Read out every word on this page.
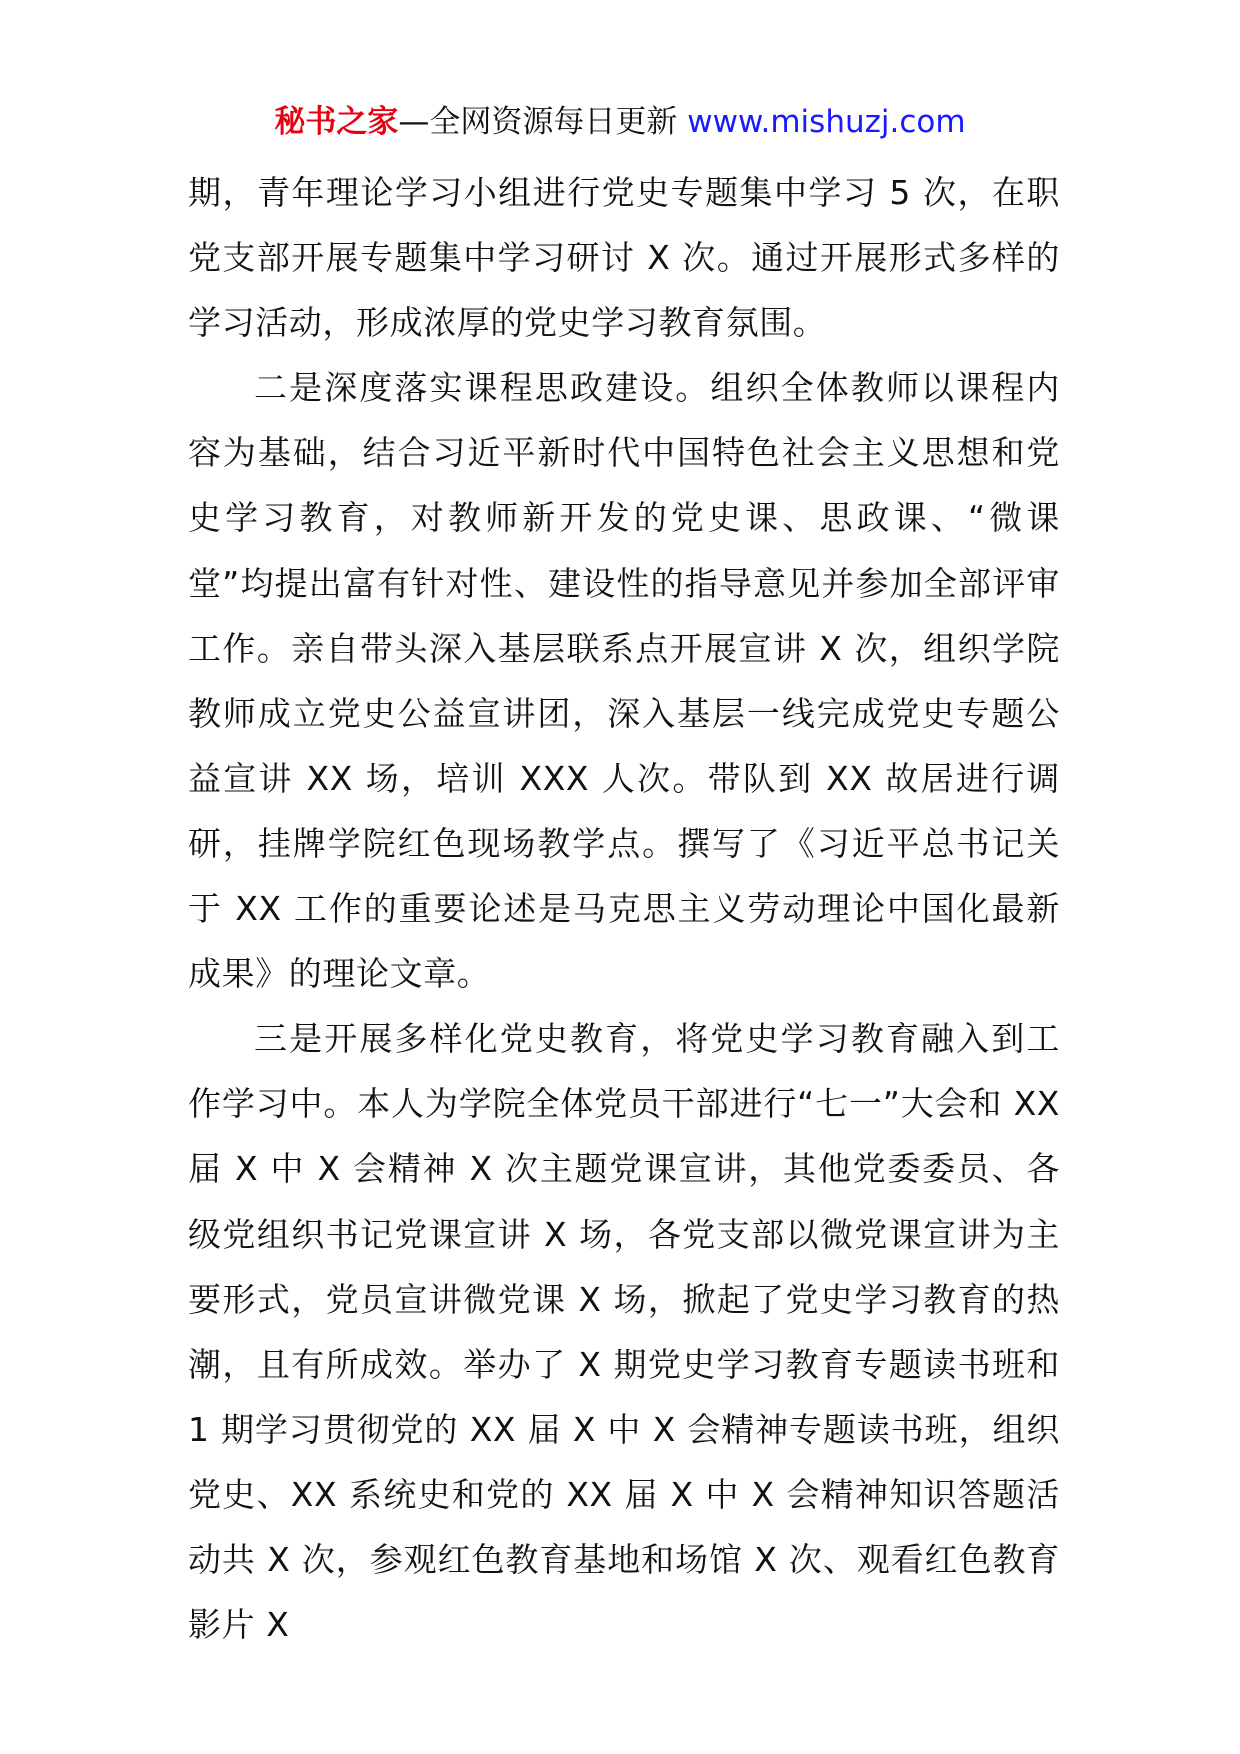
秘书之家—全网资源每日更新 www.mishuzj.com

期，青年理论学习小组进行党史专题集中学习 5 次，在职党支部开展专题集中学习研讨 X 次。通过开展形式多样的学习活动，形成浓厚的党史学习教育氛围。

二是深度落实课程思政建设。组织全体教师以课程内容为基础，结合习近平新时代中国特色社会主义思想和党史学习教育，对教师新开发的党史课、思政课、“微课堂”均提出富有针对性、建设性的指导意见并参加全部评审工作。亲自带头深入基层联系点开展宣讲 X 次，组织学院教师成立党史公益宣讲团，深入基层一线完成党史专题公益宣讲 XX 场，培训 XXX 人次。带队到 XX 故居进行调研，挂牌学院红色现场教学点。撰写了《习近平总书记关于 XX 工作的重要论述是马克思主义劳动理论中国化最新成果》的理论文章。

三是开展多样化党史教育，将党史学习教育融入到工作学习中。本人为学院全体党员干部进行“七一”大会和 XX 届 X 中 X 会精神 X 次主题党课宣讲，其他党委委员、各级党组织书记党课宣讲 X 场，各党支部以微党课宣讲为主要形式，党员宣讲微党课 X 场，掀起了党史学习教育的热潮，且有所成效。举办了 X 期党史学习教育专题读书班和 1 期学习贯彻党的 XX 届 X 中 X 会精神专题读书班，组织党史、XX 系统史和党的 XX 届 X 中 X 会精神知识答题活动共 X 次，参观红色教育基地和场馆 X 次、观看红色教育影片 X
